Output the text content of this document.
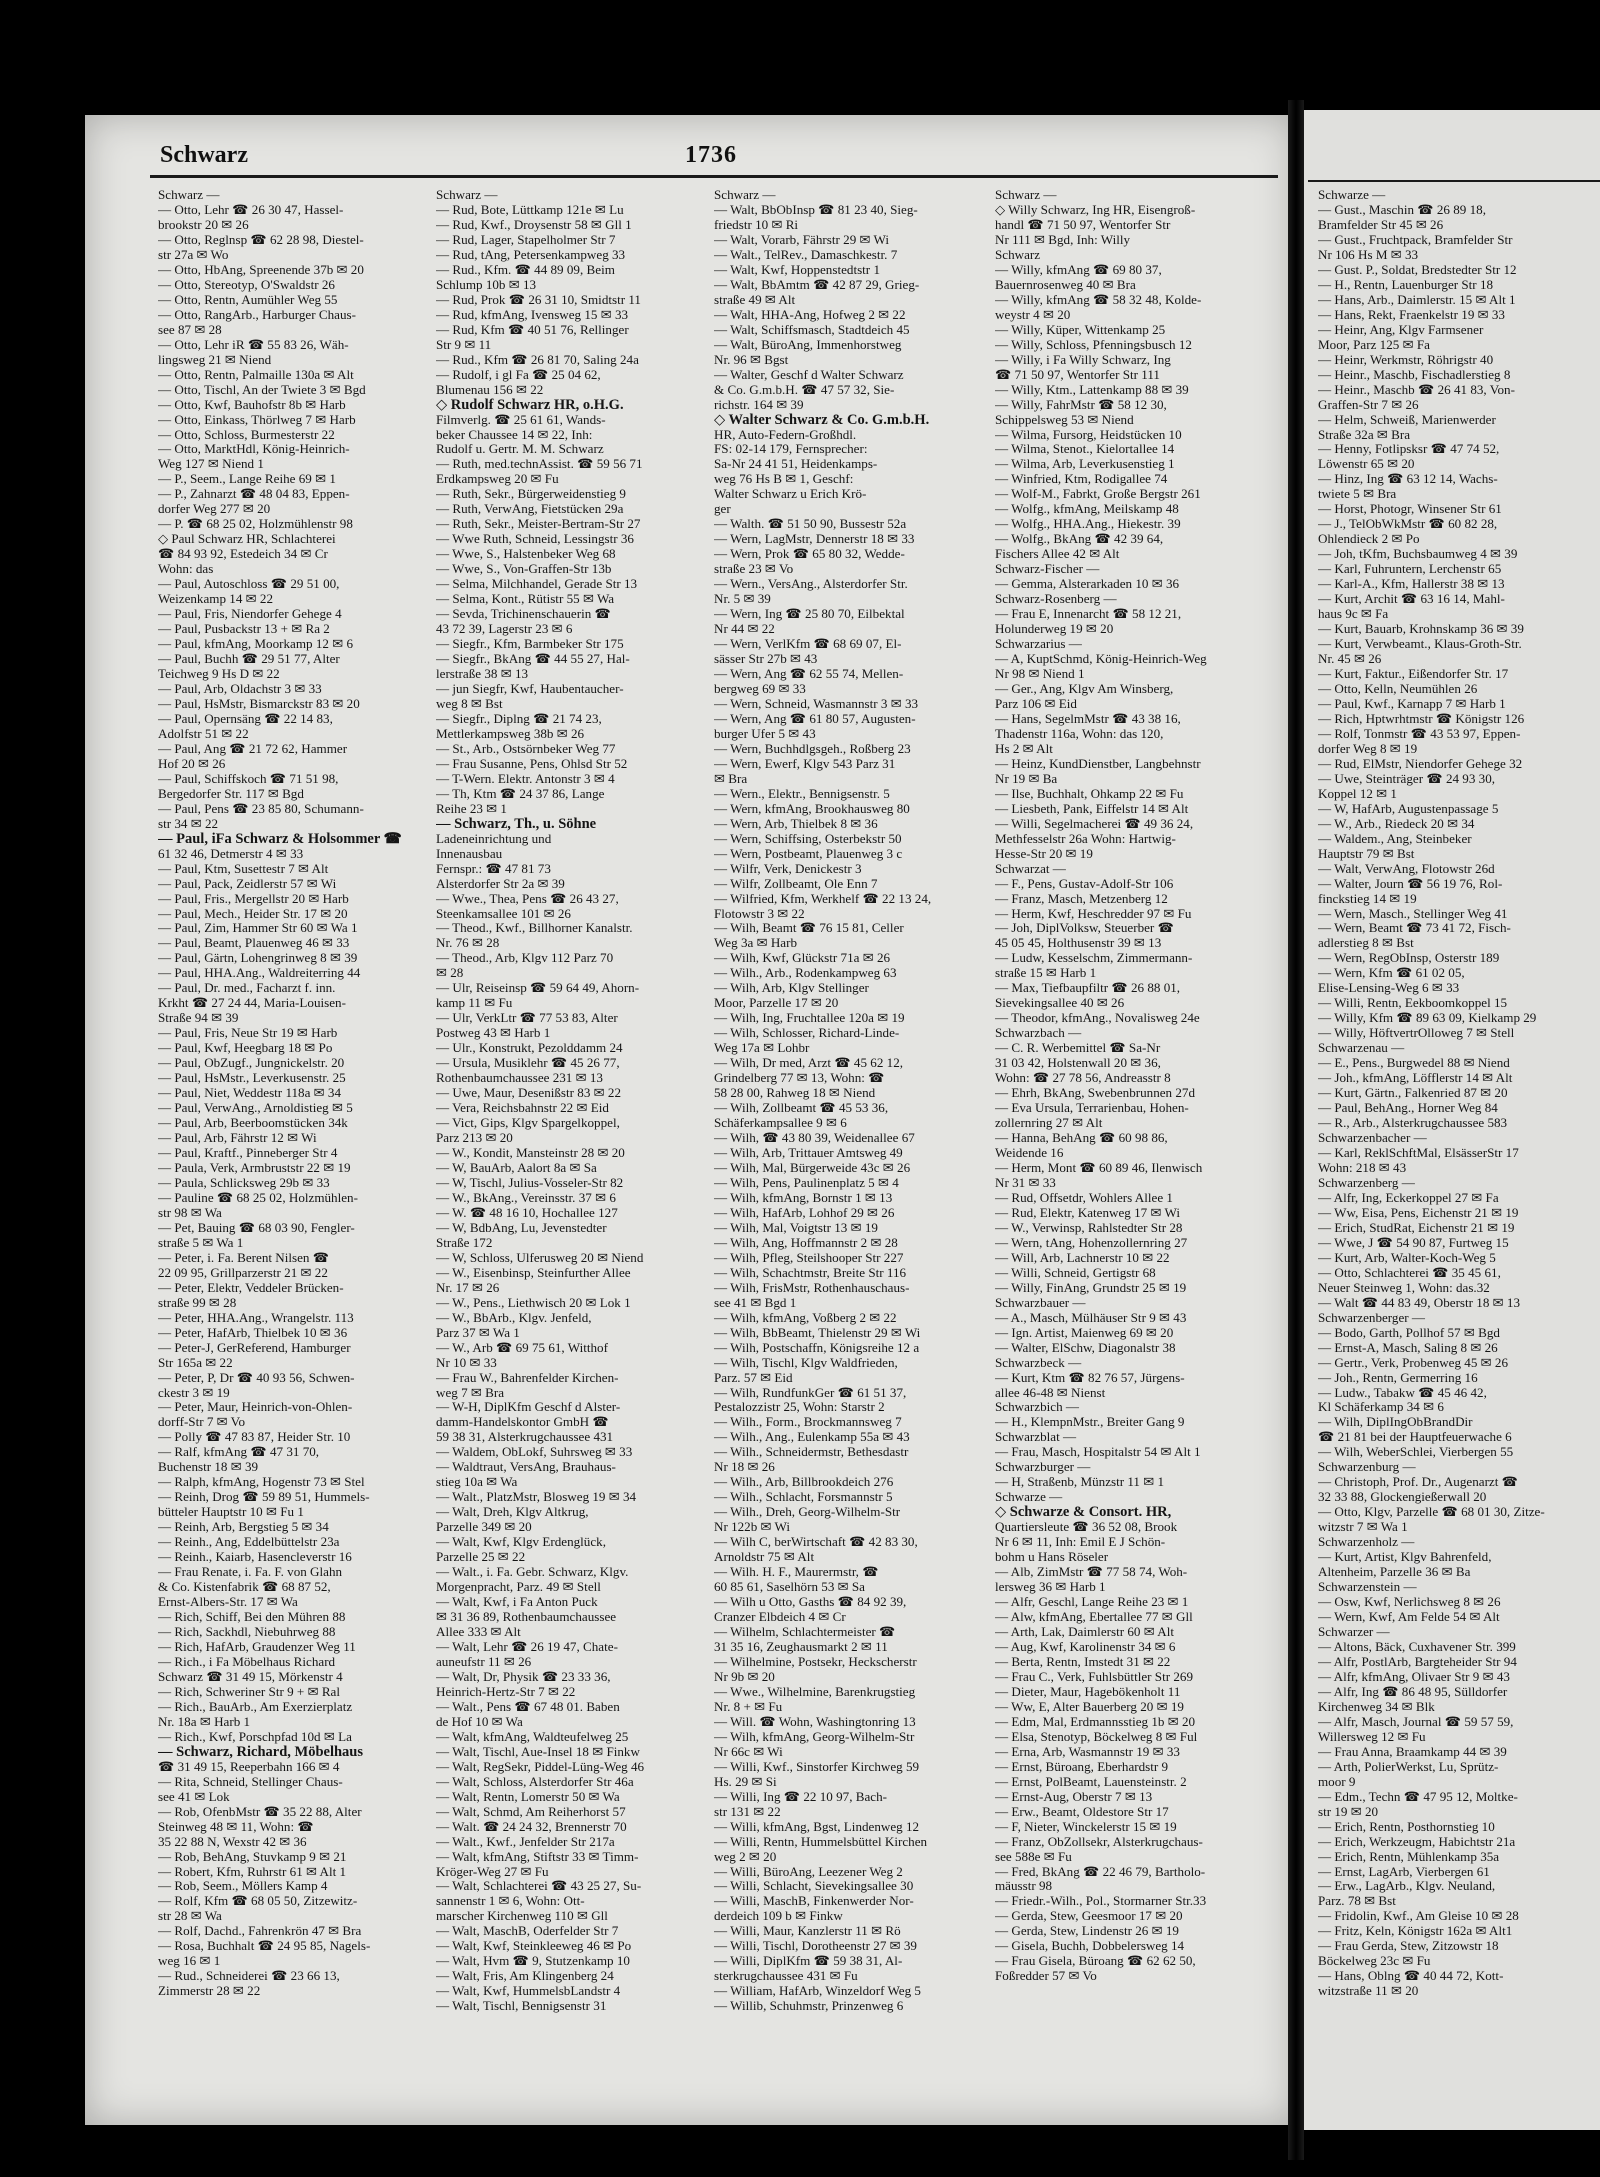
Schwarz	1736
Schwarz —
— Otto, Lehr ☎ 26 30 47, Hassel-
brookstr 20 ✉ 26
— Otto, Reglnsp ☎ 62 28 98, Diestel-
str 27a ✉ Wo
— Otto, HbAng, Spreenende 37b ✉ 20
— Otto, Stereotyp, O'Swaldstr 26
— Otto, Rentn, Aumühler Weg 55
— Otto, RangArb., Harburger Chaus-
see 87 ✉ 28
— Otto, Lehr iR ☎ 55 83 26, Wäh-
lingsweg 21 ✉ Niend
— Otto, Rentn, Palmaille 130a ✉ Alt
— Otto, Tischl, An der Twiete 3 ✉ Bgd
— Otto, Kwf, Bauhofstr 8b ✉ Harb
— Otto, Einkass, Thörlweg 7 ✉ Harb
— Otto, Schloss, Burmesterstr 22
— Otto, MarktHdl, König-Heinrich-
Weg 127 ✉ Niend 1
— P., Seem., Lange Reihe 69 ✉ 1
— P., Zahnarzt ☎ 48 04 83, Eppen-
dorfer Weg 277 ✉ 20
— P. ☎ 68 25 02, Holzmühlenstr 98
◇ Paul Schwarz HR, Schlachterei
☎ 84 93 92, Estedeich 34 ✉ Cr
Wohn: das
— Paul, Autoschloss ☎ 29 51 00,
Weizenkamp 14 ✉ 22
— Paul, Fris, Niendorfer Gehege 4
— Paul, Pusbackstr 13 + ✉ Ra 2
— Paul, kfmAng, Moorkamp 12 ✉ 6
— Paul, Buchh ☎ 29 51 77, Alter
Teichweg 9 Hs D ✉ 22
— Paul, Arb, Oldachstr 3 ✉ 33
— Paul, HsMstr, Bismarckstr 83 ✉ 20
— Paul, Opernsäng ☎ 22 14 83,
Adolfstr 51 ✉ 22
— Paul, Ang ☎ 21 72 62, Hammer
Hof 20 ✉ 26
— Paul, Schiffskoch ☎ 71 51 98,
Bergedorfer Str. 117 ✉ Bgd
— Paul, Pens ☎ 23 85 80, Schumann-
str 34 ✉ 22
— Paul, iFa Schwarz & Holsommer ☎
61 32 46, Detmerstr 4 ✉ 33
— Paul, Ktm, Susettestr 7 ✉ Alt
— Paul, Pack, Zeidlerstr 57 ✉ Wi
— Paul, Fris., Mergellstr 20 ✉ Harb
— Paul, Mech., Heider Str. 17 ✉ 20
— Paul, Zim, Hammer Str 60 ✉ Wa 1
— Paul, Beamt, Plauenweg 46 ✉ 33
— Paul, Gärtn, Lohengrinweg 8 ✉ 39
— Paul, HHA.Ang., Waldreiterring 44
— Paul, Dr. med., Facharzt f. inn.
Krkht ☎ 27 24 44, Maria-Louisen-
Straße 94 ✉ 39
— Paul, Fris, Neue Str 19 ✉ Harb
— Paul, Kwf, Heegbarg 18 ✉ Po
— Paul, ObZugf., Jungnickelstr. 20
— Paul, HsMstr., Leverkusenstr. 25
— Paul, Niet, Weddestr 118a ✉ 34
— Paul, VerwAng., Arnoldistieg ✉ 5
— Paul, Arb, Beerboomstücken 34k
— Paul, Arb, Fährstr 12 ✉ Wi
— Paul, Kraftf., Pinneberger Str 4
— Paula, Verk, Armbruststr 22 ✉ 19
— Paula, Schlicksweg 29b ✉ 33
— Pauline ☎ 68 25 02, Holzmühlen-
str 98 ✉ Wa
— Pet, Bauing ☎ 68 03 90, Fengler-
straße 5 ✉ Wa 1
— Peter, i. Fa. Berent Nilsen ☎
22 09 95, Grillparzerstr 21 ✉ 22
— Peter, Elektr, Veddeler Brücken-
straße 99 ✉ 28
— Peter, HHA.Ang., Wrangelstr. 113
— Peter, HafArb, Thielbek 10 ✉ 36
— Peter-J, GerReferend, Hamburger
Str 165a ✉ 22
— Peter, P, Dr ☎ 40 93 56, Schwen-
ckestr 3 ✉ 19
— Peter, Maur, Heinrich-von-Ohlen-
dorff-Str 7 ✉ Vo
— Polly ☎ 47 83 87, Heider Str. 10
— Ralf, kfmAng ☎ 47 31 70,
Buchenstr 18 ✉ 39
— Ralph, kfmAng, Hogenstr 73 ✉ Stel
— Reinh, Drog ☎ 59 89 51, Hummels-
bütteler Hauptstr 10 ✉ Fu 1
— Reinh, Arb, Bergstieg 5 ✉ 34
— Reinh., Ang, Eddelbüttelstr 23a
— Reinh., Kaiarb, Hasencleverstr 16
— Frau Renate, i. Fa. F. von Glahn
& Co. Kistenfabrik ☎ 68 87 52,
Ernst-Albers-Str. 17 ✉ Wa
— Rich, Schiff, Bei den Mühren 88
— Rich, Sackhdl, Niebuhrweg 88
— Rich, HafArb, Graudenzer Weg 11
— Rich., i Fa Möbelhaus Richard
Schwarz ☎ 31 49 15, Mörkenstr 4
— Rich, Schweriner Str 9 + ✉ Ral
— Rich., BauArb., Am Exerzierplatz
Nr. 18a ✉ Harb 1
— Rich., Kwf, Porschpfad 10d ✉ La
— Schwarz, Richard, Möbelhaus
☎ 31 49 15, Reeperbahn 166 ✉ 4
— Rita, Schneid, Stellinger Chaus-
see 41 ✉ Lok
— Rob, OfenbMstr ☎ 35 22 88, Alter
Steinweg 48 ✉ 11, Wohn: ☎
35 22 88 N, Wexstr 42 ✉ 36
— Rob, BehAng, Stuvkamp 9 ✉ 21
— Robert, Kfm, Ruhrstr 61 ✉ Alt 1
— Rob, Seem., Möllers Kamp 4
— Rolf, Kfm ☎ 68 05 50, Zitzewitz-
str 28 ✉ Wa
— Rolf, Dachd., Fahrenkrön 47 ✉ Bra
— Rosa, Buchhalt ☎ 24 95 85, Nagels-
weg 16 ✉ 1
— Rud., Schneiderei ☎ 23 66 13,
Zimmerstr 28 ✉ 22
Schwarz —
— Rud, Bote, Lüttkamp 121e ✉ Lu
— Rud, Kwf., Droysenstr 58 ✉ Gll 1
— Rud, Lager, Stapelholmer Str 7
— Rud, tAng, Petersenkampweg 33
— Rud., Kfm. ☎ 44 89 09, Beim
Schlump 10b ✉ 13
— Rud, Prok ☎ 26 31 10, Smidtstr 11
— Rud, kfmAng, Ivensweg 15 ✉ 33
— Rud, Kfm ☎ 40 51 76, Rellinger
Str 9 ✉ 11
— Rud., Kfm ☎ 26 81 70, Saling 24a
— Rudolf, i gl Fa ☎ 25 04 62,
Blumenau 156 ✉ 22
◇ Rudolf Schwarz HR, o.H.G.
Filmverlg. ☎ 25 61 61, Wands-
beker Chaussee 14 ✉ 22, Inh:
Rudolf u. Gertr. M. M. Schwarz
— Ruth, med.technAssist. ☎ 59 56 71
Erdkampsweg 20 ✉ Fu
— Ruth, Sekr., Bürgerweidenstieg 9
— Ruth, VerwAng, Fietstücken 29a
— Ruth, Sekr., Meister-Bertram-Str 27
— Wwe Ruth, Schneid, Lessingstr 36
— Wwe, S., Halstenbeker Weg 68
— Wwe, S., Von-Graffen-Str 13b
— Selma, Milchhandel, Gerade Str 13
— Selma, Kont., Rütistr 55 ✉ Wa
— Sevda, Trichinenschauerin ☎
43 72 39, Lagerstr 23 ✉ 6
— Siegfr., Kfm, Barmbeker Str 175
— Siegfr., BkAng ☎ 44 55 27, Hal-
lerstraße 38 ✉ 13
— jun Siegfr, Kwf, Haubentaucher-
weg 8 ✉ Bst
— Siegfr., Diplng ☎ 21 74 23,
Mettlerkampsweg 38b ✉ 26
— St., Arb., Ostsörnbeker Weg 77
— Frau Susanne, Pens, Ohlsd Str 52
— T-Wern. Elektr. Antonstr 3 ✉ 4
— Th, Ktm ☎ 24 37 86, Lange
Reihe 23 ✉ 1
— Schwarz, Th., u. Söhne
Ladeneinrichtung und
Innenausbau
Fernspr.: ☎ 47 81 73
Alsterdorfer Str 2a ✉ 39
— Wwe., Thea, Pens ☎ 26 43 27,
Steenkamsallee 101 ✉ 26
— Theod., Kwf., Billhorner Kanalstr.
Nr. 76 ✉ 28
— Theod., Arb, Klgv 112 Parz 70
✉ 28
— Ulr, Reiseinsp ☎ 59 64 49, Ahorn-
kamp 11 ✉ Fu
— Ulr, VerkLtr ☎ 77 53 83, Alter
Postweg 43 ✉ Harb 1
— Ulr., Konstrukt, Pezolddamm 24
— Ursula, Musiklehr ☎ 45 26 77,
Rothenbaumchaussee 231 ✉ 13
— Uwe, Maur, Desenißstr 83 ✉ 22
— Vera, Reichsbahnstr 22 ✉ Eid
— Vict, Gips, Klgv Spargelkoppel,
Parz 213 ✉ 20
— W., Kondit, Mansteinstr 28 ✉ 20
— W, BauArb, Aalort 8a ✉ Sa
— W, Tischl, Julius-Vosseler-Str 82
— W., BkAng., Vereinsstr. 37 ✉ 6
— W. ☎ 48 16 10, Hochallee 127
— W, BdbAng, Lu, Jevenstedter
Straße 172
— W, Schloss, Ulferusweg 20 ✉ Niend
— W., Eisenbinsp, Steinfurther Allee
Nr. 17 ✉ 26
— W., Pens., Liethwisch 20 ✉ Lok 1
— W., BbArb., Klgv. Jenfeld,
Parz 37 ✉ Wa 1
— W., Arb ☎ 69 75 61, Witthof
Nr 10 ✉ 33
— Frau W., Bahrenfelder Kirchen-
weg 7 ✉ Bra
— W-H, DiplKfm Geschf d Alster-
damm-Handelskontor GmbH ☎
59 38 31, Alsterkrugchaussee 431
— Waldem, ObLokf, Suhrsweg ✉ 33
— Waldtraut, VersAng, Brauhaus-
stieg 10a ✉ Wa
— Walt., PlatzMstr, Blosweg 19 ✉ 34
— Walt, Dreh, Klgv Altkrug,
Parzelle 349 ✉ 20
— Walt, Kwf, Klgv Erdenglück,
Parzelle 25 ✉ 22
— Walt., i. Fa. Gebr. Schwarz, Klgv.
Morgenpracht, Parz. 49 ✉ Stell
— Walt, Kwf, i Fa Anton Puck
✉ 31 36 89, Rothenbaumchaussee
Allee 333 ✉ Alt
— Walt, Lehr ☎ 26 19 47, Chate-
auneufstr 11 ✉ 26
— Walt, Dr, Physik ☎ 23 33 36,
Heinrich-Hertz-Str 7 ✉ 22
— Walt., Pens ☎ 67 48 01. Baben
de Hof 10 ✉ Wa
— Walt, kfmAng, Waldteufelweg 25
— Walt, Tischl, Aue-Insel 18 ✉ Finkw
— Walt, RegSekr, Piddel-Lüng-Weg 46
— Walt, Schloss, Alsterdorfer Str 46a
— Walt, Rentn, Lomerstr 50 ✉ Wa
— Walt, Schmd, Am Reiherhorst 57
— Walt. ☎ 24 24 32, Brennerstr 70
— Walt., Kwf., Jenfelder Str 217a
— Walt, kfmAng, Stiftstr 33 ✉ Timm-
Kröger-Weg 27 ✉ Fu
— Walt, Schlachterei ☎ 43 25 27, Su-
sannenstr 1 ✉ 6, Wohn: Ott-
marscher Kirchenweg 110 ✉ Gll
— Walt, MaschB, Oderfelder Str 7
— Walt, Kwf, Steinkleeweg 46 ✉ Po
— Walt, Hvm ☎ 9, Stutzenkamp 10
— Walt, Fris, Am Klingenberg 24
— Walt, Kwf, HummelsbLandstr 4
— Walt, Tischl, Bennigsenstr 31
Schwarz —
— Walt, BbObInsp ☎ 81 23 40, Sieg-
friedstr 10 ✉ Ri
— Walt, Vorarb, Fährstr 29 ✉ Wi
— Walt., TelRev., Damaschkestr. 7
— Walt, Kwf, Hoppenstedtstr 1
— Walt, BbAmtm ☎ 42 87 29, Grieg-
straße 49 ✉ Alt
— Walt, HHA-Ang, Hofweg 2 ✉ 22
— Walt, Schiffsmasch, Stadtdeich 45
— Walt, BüroAng, Immenhorstweg
Nr. 96 ✉ Bgst
— Walter, Geschf d Walter Schwarz
& Co. G.m.b.H. ☎ 47 57 32, Sie-
richstr. 164 ✉ 39
◇ Walter Schwarz & Co. G.m.b.H.
HR, Auto-Federn-Großhdl.
FS: 02-14 179, Fernsprecher:
Sa-Nr 24 41 51, Heidenkamps-
weg 76 Hs B ✉ 1, Geschf:
Walter Schwarz u Erich Krö-
ger
— Walth. ☎ 51 50 90, Bussestr 52a
— Wern, LagMstr, Dennerstr 18 ✉ 33
— Wern, Prok ☎ 65 80 32, Wedde-
straße 23 ✉ Vo
— Wern., VersAng., Alsterdorfer Str.
Nr. 5 ✉ 39
— Wern, Ing ☎ 25 80 70, Eilbektal
Nr 44 ✉ 22
— Wern, VerlKfm ☎ 68 69 07, El-
sässer Str 27b ✉ 43
— Wern, Ang ☎ 62 55 74, Mellen-
bergweg 69 ✉ 33
— Wern, Schneid, Wasmannstr 3 ✉ 33
— Wern, Ang ☎ 61 80 57, Augusten-
burger Ufer 5 ✉ 43
— Wern, Buchhdlgsgeh., Roßberg 23
— Wern, Ewerf, Klgv 543 Parz 31
✉ Bra
— Wern., Elektr., Bennigsenstr. 5
— Wern, kfmAng, Brookhausweg 80
— Wern, Arb, Thielbek 8 ✉ 36
— Wern, Schiffsing, Osterbekstr 50
— Wern, Postbeamt, Plauenweg 3 c
— Wilfr, Verk, Denickestr 3
— Wilfr, Zollbeamt, Ole Enn 7
— Wilfried, Kfm, Werkhelf ☎ 22 13 24,
Flotowstr 3 ✉ 22
— Wilh, Beamt ☎ 76 15 81, Celler
Weg 3a ✉ Harb
— Wilh, Kwf, Glückstr 71a ✉ 26
— Wilh., Arb., Rodenkampweg 63
— Wilh, Arb, Klgv Stellinger
Moor, Parzelle 17 ✉ 20
— Wilh, Ing, Fruchtallee 120a ✉ 19
— Wilh, Schlosser, Richard-Linde-
Weg 17a ✉ Lohbr
— Wilh, Dr med, Arzt ☎ 45 62 12,
Grindelberg 77 ✉ 13, Wohn: ☎
58 28 00, Rahweg 18 ✉ Niend
— Wilh, Zollbeamt ☎ 45 53 36,
Schäferkampsallee 9 ✉ 6
— Wilh, ☎ 43 80 39, Weidenallee 67
— Wilh, Arb, Trittauer Amtsweg 49
— Wilh, Mal, Bürgerweide 43c ✉ 26
— Wilh, Pens, Paulinenplatz 5 ✉ 4
— Wilh, kfmAng, Bornstr 1 ✉ 13
— Wilh, HafArb, Lohhof 29 ✉ 26
— Wilh, Mal, Voigtstr 13 ✉ 19
— Wilh, Ang, Hoffmannstr 2 ✉ 28
— Wilh, Pfleg, Steilshooper Str 227
— Wilh, Schachtmstr, Breite Str 116
— Wilh, FrisMstr, Rothenhauschaus-
see 41 ✉ Bgd 1
— Wilh, kfmAng, Voßberg 2 ✉ 22
— Wilh, BbBeamt, Thielenstr 29 ✉ Wi
— Wilh, Postschaffn, Königsreihe 12 a
— Wilh, Tischl, Klgv Waldfrieden,
Parz. 57 ✉ Eid
— Wilh, RundfunkGer ☎ 61 51 37,
Pestalozzistr 25, Wohn: Starstr 2
— Wilh., Form., Brockmannsweg 7
— Wilh., Ang., Eulenkamp 55a ✉ 43
— Wilh., Schneidermstr, Bethesdastr
Nr 18 ✉ 26
— Wilh., Arb, Billbrookdeich 276
— Wilh., Schlacht, Forsmannstr 5
— Wilh., Dreh, Georg-Wilhelm-Str
Nr 122b ✉ Wi
— Wilh C, berWirtschaft ☎ 42 83 30,
Arnoldstr 75 ✉ Alt
— Wilh. H. F., Maurermstr, ☎
60 85 61, Saselhörn 53 ✉ Sa
— Wilh u Otto, Gasths ☎ 84 92 39,
Cranzer Elbdeich 4 ✉ Cr
— Wilhelm, Schlachtermeister ☎
31 35 16, Zeughausmarkt 2 ✉ 11
— Wilhelmine, Postsekr, Heckscherstr
Nr 9b ✉ 20
— Wwe., Wilhelmine, Barenkrugstieg
Nr. 8 + ✉ Fu
— Will. ☎ Wohn, Washingtonring 13
— Wilh, kfmAng, Georg-Wilhelm-Str
Nr 66c ✉ Wi
— Willi, Kwf., Sinstorfer Kirchweg 59
Hs. 29 ✉ Si
— Willi, Ing ☎ 22 10 97, Bach-
str 131 ✉ 22
— Willi, kfmAng, Bgst, Lindenweg 12
— Willi, Rentn, Hummelsbüttel Kirchen
weg 2 ✉ 20
— Willi, BüroAng, Leezener Weg 2
— Willi, Schlacht, Sievekingsallee 30
— Willi, MaschB, Finkenwerder Nor-
derdeich 109 b ✉ Finkw
— Willi, Maur, Kanzlerstr 11 ✉ Rö
— Willi, Tischl, Dorotheenstr 27 ✉ 39
— Willi, DiplKfm ☎ 59 38 31, Al-
sterkrugchaussee 431 ✉ Fu
— William, HafArb, Winzeldorf Weg 5
— Willib, Schuhmstr, Prinzenweg 6
Schwarz —
◇ Willy Schwarz, Ing HR, Eisengroß-
handl ☎ 71 50 97, Wentorfer Str
Nr 111 ✉ Bgd, Inh: Willy
Schwarz
— Willy, kfmAng ☎ 69 80 37,
Bauernrosenweg 40 ✉ Bra
— Willy, kfmAng ☎ 58 32 48, Kolde-
weystr 4 ✉ 20
— Willy, Küper, Wittenkamp 25
— Willy, Schloss, Pfenningsbusch 12
— Willy, i Fa Willy Schwarz, Ing
☎ 71 50 97, Wentorfer Str 111
— Willy, Ktm., Lattenkamp 88 ✉ 39
— Willy, FahrMstr ☎ 58 12 30,
Schippelsweg 53 ✉ Niend
— Wilma, Fursorg, Heidstücken 10
— Wilma, Stenot., Kielortallee 14
— Wilma, Arb, Leverkusenstieg 1
— Winfried, Ktm, Rodigallee 74
— Wolf-M., Fabrkt, Große Bergstr 261
— Wolfg., kfmAng, Meilskamp 48
— Wolfg., HHA.Ang., Hiekestr. 39
— Wolfg., BkAng ☎ 42 39 64,
Fischers Allee 42 ✉ Alt
Schwarz-Fischer —
— Gemma, Alsterarkaden 10 ✉ 36
Schwarz-Rosenberg —
— Frau E, Innenarcht ☎ 58 12 21,
Holunderweg 19 ✉ 20
Schwarzarius —
— A, KuptSchmd, König-Heinrich-Weg
Nr 98 ✉ Niend 1
— Ger., Ang, Klgv Am Winsberg,
Parz 106 ✉ Eid
— Hans, SegelmMstr ☎ 43 38 16,
Thadenstr 116a, Wohn: das 120,
Hs 2 ✉ Alt
— Heinz, KundDienstber, Langbehnstr
Nr 19 ✉ Ba
— Ilse, Buchhalt, Ohkamp 22 ✉ Fu
— Liesbeth, Pank, Eiffelstr 14 ✉ Alt
— Willi, Segelmacherei ☎ 49 36 24,
Methfesselstr 26a Wohn: Hartwig-
Hesse-Str 20 ✉ 19
Schwarzat —
— F., Pens, Gustav-Adolf-Str 106
— Franz, Masch, Metzenberg 12
— Herm, Kwf, Heschredder 97 ✉ Fu
— Joh, DiplVolksw, Steuerber ☎
45 05 45, Holthusenstr 39 ✉ 13
— Ludw, Kesselschm, Zimmermann-
straße 15 ✉ Harb 1
— Max, Tiefbaupfiltr ☎ 26 88 01,
Sievekingsallee 40 ✉ 26
— Theodor, kfmAng., Novalisweg 24e
Schwarzbach —
— C. R. Werbemittel ☎ Sa-Nr
31 03 42, Holstenwall 20 ✉ 36,
Wohn: ☎ 27 78 56, Andreasstr 8
— Ehrh, BkAng, Swebenbrunnen 27d
— Eva Ursula, Terrarienbau, Hohen-
zollernring 27 ✉ Alt
— Hanna, BehAng ☎ 60 98 86,
Weidende 16
— Herm, Mont ☎ 60 89 46, Ilenwisch
Nr 31 ✉ 33
— Rud, Offsetdr, Wohlers Allee 1
— Rud, Elektr, Katenweg 17 ✉ Wi
— W., Verwinsp, Rahlstedter Str 28
— Wern, tAng, Hohenzollernring 27
— Will, Arb, Lachnerstr 10 ✉ 22
— Willi, Schneid, Gertigstr 68
— Willy, FinAng, Grundstr 25 ✉ 19
Schwarzbauer —
— A., Masch, Mülhäuser Str 9 ✉ 43
— Ign. Artist, Maienweg 69 ✉ 20
— Walter, ElSchw, Diagonalstr 38
Schwarzbeck —
— Kurt, Ktm ☎ 82 76 57, Jürgens-
allee 46-48 ✉ Nienst
Schwarzbich —
— H., KlempnMstr., Breiter Gang 9
Schwarzblat —
— Frau, Masch, Hospitalstr 54 ✉ Alt 1
Schwarzburger —
— H, Straßenb, Münzstr 11 ✉ 1
Schwarze —
◇ Schwarze & Consort. HR,
Quartiersleute ☎ 36 52 08, Brook
Nr 6 ✉ 11, Inh: Emil E J Schön-
bohm u Hans Röseler
— Alb, ZimMstr ☎ 77 58 74, Woh-
lersweg 36 ✉ Harb 1
— Alfr, Geschl, Lange Reihe 23 ✉ 1
— Alw, kfmAng, Ebertallee 77 ✉ Gll
— Arth, Lak, Daimlerstr 60 ✉ Alt
— Aug, Kwf, Karolinenstr 34 ✉ 6
— Berta, Rentn, Imstedt 31 ✉ 22
— Frau C., Verk, Fuhlsbüttler Str 269
— Dieter, Maur, Hagebökenholt 11
— Ww, E, Alter Bauerberg 20 ✉ 19
— Edm, Mal, Erdmannsstieg 1b ✉ 20
— Elsa, Stenotyp, Böckelweg 8 ✉ Ful
— Erna, Arb, Wasmannstr 19 ✉ 33
— Ernst, Büroang, Eberhardstr 9
— Ernst, PolBeamt, Lauensteinstr. 2
— Ernst-Aug, Oberstr 7 ✉ 13
— Erw., Beamt, Oldestore Str 17
— F, Nieter, Winckelerstr 15 ✉ 19
— Franz, ObZollsekr, Alsterkrugchaus-
see 588e ✉ Fu
— Fred, BkAng ☎ 22 46 79, Bartholo-
mäusstr 98
— Friedr.-Wilh., Pol., Stormarner Str.33
— Gerda, Stew, Geesmoor 17 ✉ 20
— Gerda, Stew, Lindenstr 26 ✉ 19
— Gisela, Buchh, Dobbelersweg 14
— Frau Gisela, Büroang ☎ 62 62 50,
Foßredder 57 ✉ Vo
Schwarze —
— Gust., Maschin ☎ 26 89 18,
Bramfelder Str 45 ✉ 26
— Gust., Fruchtpack, Bramfelder Str
Nr 106 Hs M ✉ 33
— Gust. P., Soldat, Bredstedter Str 12
— H., Rentn, Lauenburger Str 18
— Hans, Arb., Daimlerstr. 15 ✉ Alt 1
— Hans, Rekt, Fraenkelstr 19 ✉ 33
— Heinr, Ang, Klgv Farmsener
Moor, Parz 125 ✉ Fa
— Heinr, Werkmstr, Röhrigstr 40
— Heinr., Maschb, Fischadlerstieg 8
— Heinr., Maschb ☎ 26 41 83, Von-
Graffen-Str 7 ✉ 26
— Helm, Schweiß, Marienwerder
Straße 32a ✉ Bra
— Henny, Fotlipsksr ☎ 47 74 52,
Löwenstr 65 ✉ 20
— Hinz, Ing ☎ 63 12 14, Wachs-
twiete 5 ✉ Bra
— Horst, Photogr, Winsener Str 61
— J., TelObWkMstr ☎ 60 82 28,
Ohlendieck 2 ✉ Po
— Joh, tKfm, Buchsbaumweg 4 ✉ 39
— Karl, Fuhruntern, Lerchenstr 65
— Karl-A., Kfm, Hallerstr 38 ✉ 13
— Kurt, Archit ☎ 63 16 14, Mahl-
haus 9c ✉ Fa
— Kurt, Bauarb, Krohnskamp 36 ✉ 39
— Kurt, Verwbeamt., Klaus-Groth-Str.
Nr. 45 ✉ 26
— Kurt, Faktur., Eißendorfer Str. 17
— Otto, Kelln, Neumühlen 26
— Paul, Kwf., Karnapp 7 ✉ Harb 1
— Rich, Hptwrhtmstr ☎ Königstr 126
— Rolf, Tonmstr ☎ 43 53 97, Eppen-
dorfer Weg 8 ✉ 19
— Rud, ElMstr, Niendorfer Gehege 32
— Uwe, Steinträger ☎ 24 93 30,
Koppel 12 ✉ 1
— W, HafArb, Augustenpassage 5
— W., Arb., Riedeck 20 ✉ 34
— Waldem., Ang, Steinbeker
Hauptstr 79 ✉ Bst
— Walt, VerwAng, Flotowstr 26d
— Walter, Journ ☎ 56 19 76, Rol-
finckstieg 14 ✉ 19
— Wern, Masch., Stellinger Weg 41
— Wern, Beamt ☎ 73 41 72, Fisch-
adlerstieg 8 ✉ Bst
— Wern, RegObInsp, Osterstr 189
— Wern, Kfm ☎ 61 02 05,
Elise-Lensing-Weg 6 ✉ 33
— Willi, Rentn, Eekboomkoppel 15
— Willy, Kfm ☎ 89 63 09, Kielkamp 29
— Willy, HöftvertrOlloweg 7 ✉ Stell
Schwarzenau —
— E., Pens., Burgwedel 88 ✉ Niend
— Joh., kfmAng, Löfflerstr 14 ✉ Alt
— Kurt, Gärtn., Falkenried 87 ✉ 20
— Paul, BehAng., Horner Weg 84
— R., Arb., Alsterkrugchaussee 583
Schwarzenbacher —
— Karl, ReklSchftMal, ElsässerStr 17
Wohn: 218 ✉ 43
Schwarzenberg —
— Alfr, Ing, Eckerkoppel 27 ✉ Fa
— Ww, Eisa, Pens, Eichenstr 21 ✉ 19
— Erich, StudRat, Eichenstr 21 ✉ 19
— Wwe, J ☎ 54 90 87, Furtweg 15
— Kurt, Arb, Walter-Koch-Weg 5
— Otto, Schlachterei ☎ 35 45 61,
Neuer Steinweg 1, Wohn: das.32
— Walt ☎ 44 83 49, Oberstr 18 ✉ 13
Schwarzenberger —
— Bodo, Garth, Pollhof 57 ✉ Bgd
— Ernst-A, Masch, Saling 8 ✉ 26
— Gertr., Verk, Probenweg 45 ✉ 26
— Joh., Rentn, Germerring 16
— Ludw., Tabakw ☎ 45 46 42,
Kl Schäferkamp 34 ✉ 6
— Wilh, DiplIngObBrandDir
☎ 21 81 bei der Hauptfeuerwache 6
— Wilh, WeberSchlei, Vierbergen 55
Schwarzenburg —
— Christoph, Prof. Dr., Augenarzt ☎
32 33 88, Glockengießerwall 20
— Otto, Klgv, Parzelle ☎ 68 01 30, Zitze-
witzstr 7 ✉ Wa 1
Schwarzenholz —
— Kurt, Artist, Klgv Bahrenfeld,
Altenheim, Parzelle 36 ✉ Ba
Schwarzenstein —
— Osw, Kwf, Nerlichsweg 8 ✉ 26
— Wern, Kwf, Am Felde 54 ✉ Alt
Schwarzer —
— Altons, Bäck, Cuxhavener Str. 399
— Alfr, PostlArb, Bargteheider Str 94
— Alfr, kfmAng, Olivaer Str 9 ✉ 43
— Alfr, Ing ☎ 86 48 95, Sülldorfer
Kirchenweg 34 ✉ Blk
— Alfr, Masch, Journal ☎ 59 57 59,
Willersweg 12 ✉ Fu
— Frau Anna, Braamkamp 44 ✉ 39
— Arth, PolierWerkst, Lu, Sprütz-
moor 9
— Edm., Techn ☎ 47 95 12, Moltke-
str 19 ✉ 20
— Erich, Rentn, Posthornstieg 10
— Erich, Werkzeugm, Habichtstr 21a
— Erich, Rentn, Mühlenkamp 35a
— Ernst, LagArb, Vierbergen 61
— Erw., LagArb., Klgv. Neuland,
Parz. 78 ✉ Bst
— Fridolin, Kwf., Am Gleise 10 ✉ 28
— Fritz, Keln, Königstr 162a ✉ Alt1
— Frau Gerda, Stew, Zitzowstr 18
Böckelweg 23c ✉ Fu
— Hans, Oblng ☎ 40 44 72, Kott-
witzstraße 11 ✉ 20
